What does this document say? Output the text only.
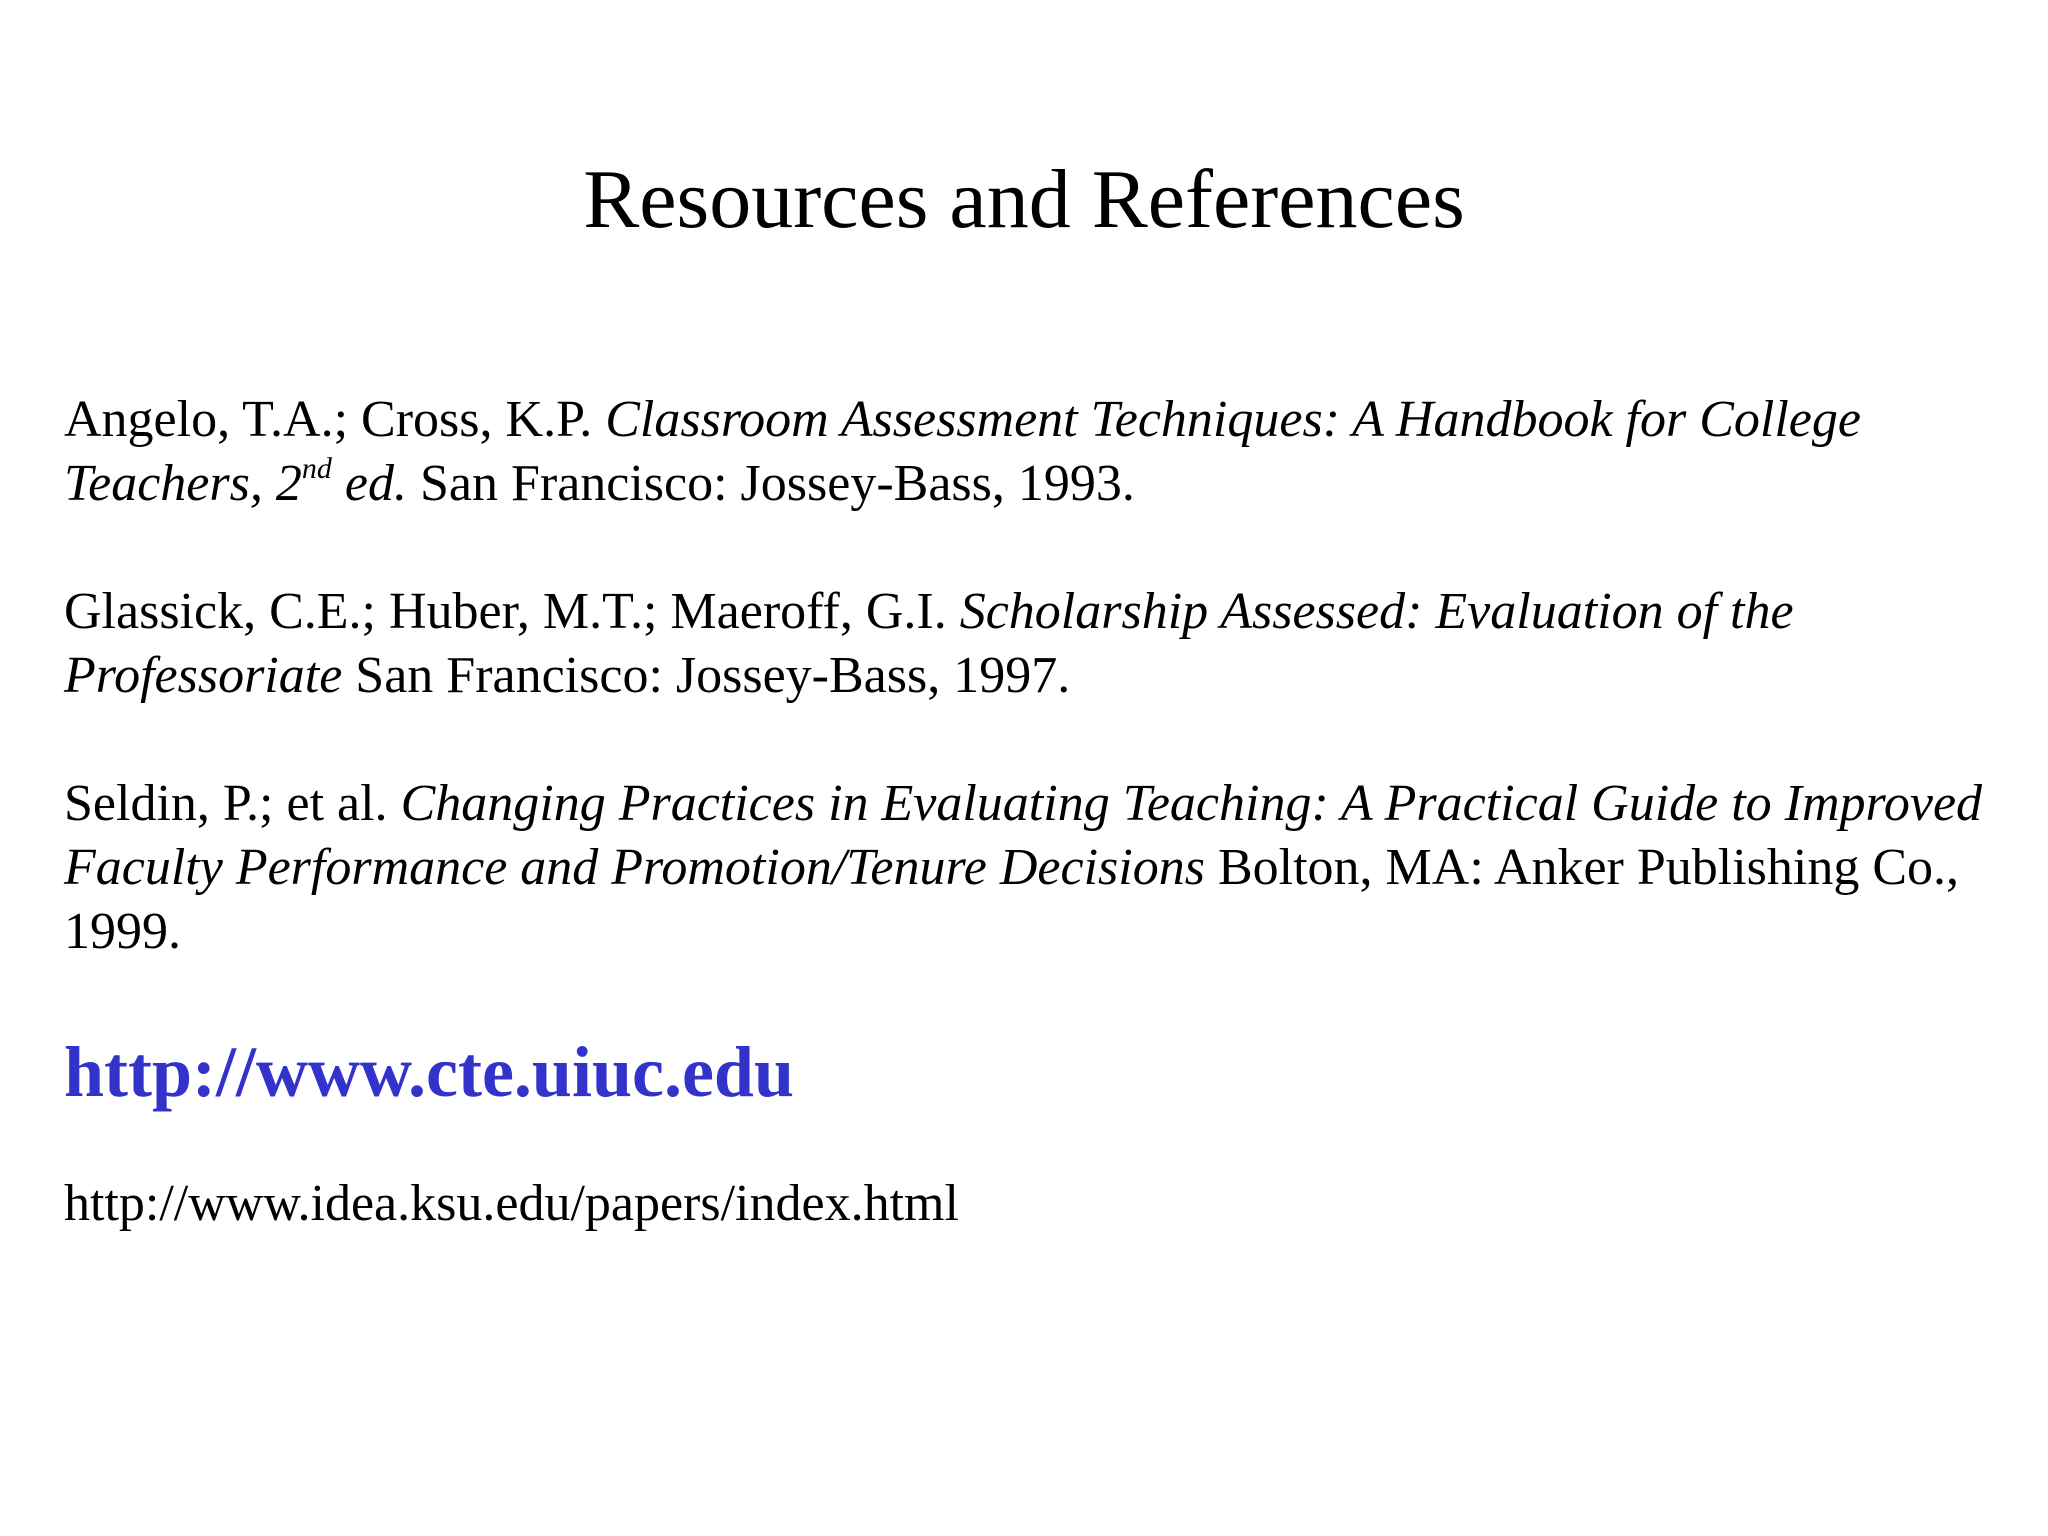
Resources and References

Angelo, T.A.; Cross, K.P. Classroom Assessment Techniques: A Handbook for College Teachers, 2nd ed. San Francisco: Jossey-Bass, 1993.

Glassick, C.E.; Huber, M.T.; Maeroff, G.I. Scholarship Assessed: Evaluation of the Professoriate San Francisco: Jossey-Bass, 1997.

Seldin, P.; et al. Changing Practices in Evaluating Teaching: A Practical Guide to Improved Faculty Performance and Promotion/Tenure Decisions Bolton, MA: Anker Publishing Co., 1999.

http://www.cte.uiuc.edu
http://www.idea.ksu.edu/papers/index.html
